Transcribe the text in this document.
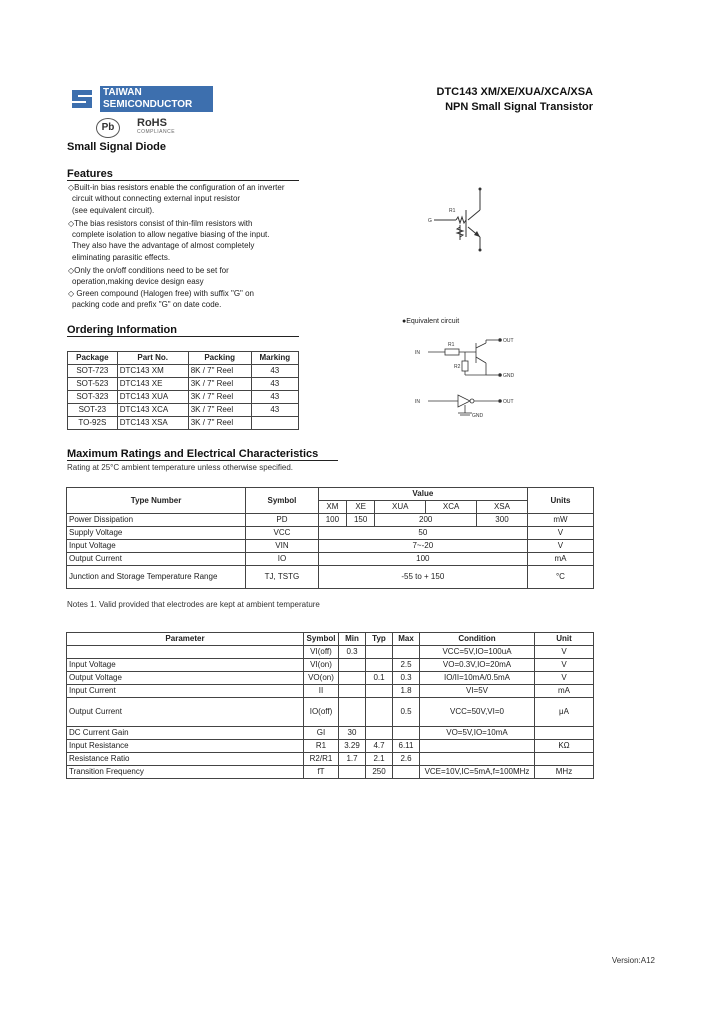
TAIWAN
SEMICONDUCTOR
Pb	RoHS
COMPLIANCE
DTC143 XM/XE/XUA/XCA/XSA
NPN Small Signal Transistor
Small Signal Diode
Features
◇Built-in bias resistors enable the configuration of an inverter
circuit without connecting external input resistor
(see equivalent circuit).
◇The bias resistors consist of thin-film resistors with
complete isolation to allow negative biasing of the input.
They also have the advantage of almost completely
eliminating parasitic effects.
◇Only the on/off conditions need to be set for
operation,making device design easy
◇ Green compound (Halogen free) with suffix "G" on
packing code and prefix "G" on date code.
R1
G
●Equivalent circuit
IN
R1
R2
OUT
GND
IN	OUT
GND
Ordering Information
Package	Part No.	Packing	Marking
SOT-723	DTC143 XM	8K / 7" Reel	43
SOT-523	DTC143 XE	3K / 7" Reel	43
SOT-323	DTC143 XUA	3K / 7" Reel	43
SOT-23	DTC143 XCA	3K / 7" Reel	43
TO-92S	DTC143 XSA	3K / 7" Reel	
Maximum Ratings and Electrical Characteristics
Rating at 25°C ambient temperature unless otherwise specified.
Type Number	Symbol	Value					Units
		XM	XE	XUA	XCA	XSA	
Power Dissipation	PD	100	150	200		300	mW
Supply Voltage	VCC	50					V
Input Voltage	VIN	7~-20					V
Output Current	IO	100					mA
Junction and Storage Temperature Range	TJ, TSTG	-55 to + 150					°C
Notes 1. Valid provided that electrodes are kept at ambient temperature
Parameter	Symbol	Min	Typ	Max	Condition	Unit
	VI(off)	0.3			VCC=5V,IO=100uA	V
Input Voltage	VI(on)			2.5	VO=0.3V,IO=20mA	V
Output Voltage	VO(on)		0.1	0.3	IO/II=10mA/0.5mA	V
Input Current	II			1.8	VI=5V	mA
Output Current	IO(off)			0.5	VCC=50V,VI=0	μA
DC Current Gain	GI	30			VO=5V,IO=10mA	
Input Resistance	R1	3.29	4.7	6.11		KΩ
Resistance Ratio	R2/R1	1.7	2.1	2.6		
Transition Frequency	fT		250		VCE=10V,IC=5mA,f=100MHz	MHz
Version:A12
